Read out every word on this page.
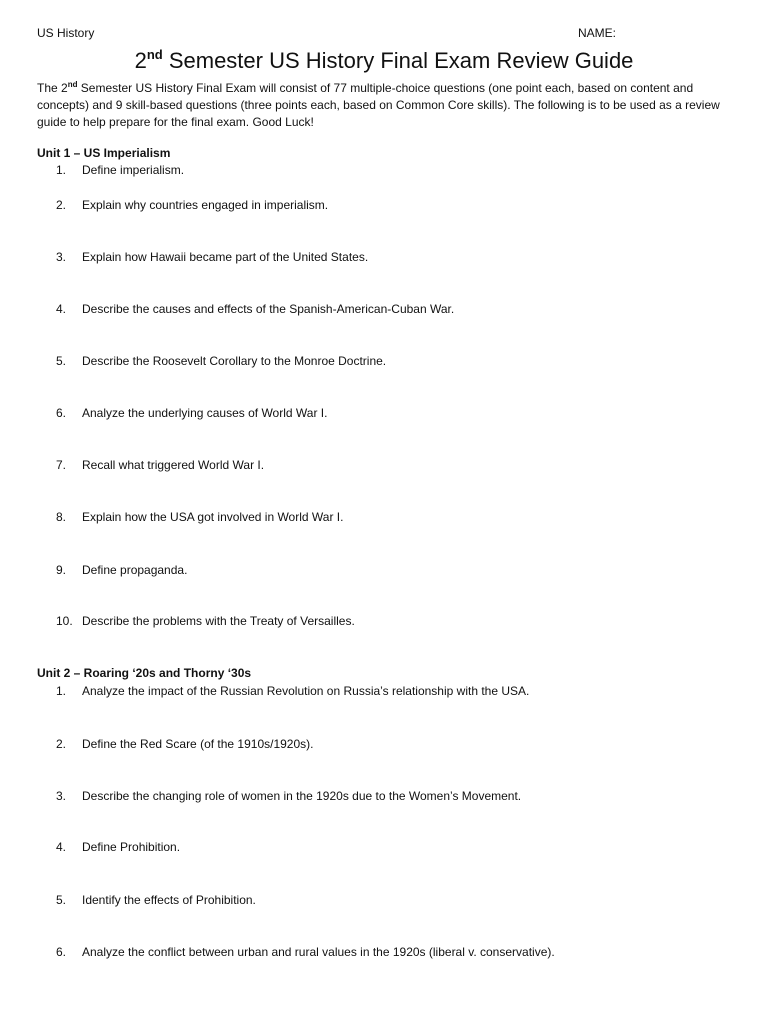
US History	NAME:
2nd Semester US History Final Exam Review Guide
The 2nd Semester US History Final Exam will consist of 77 multiple-choice questions (one point each, based on content and concepts) and 9 skill-based questions (three points each, based on Common Core skills). The following is to be used as a review guide to help prepare for the final exam. Good Luck!
Unit 1 – US Imperialism
1. Define imperialism.
2. Explain why countries engaged in imperialism.
3. Explain how Hawaii became part of the United States.
4. Describe the causes and effects of the Spanish-American-Cuban War.
5. Describe the Roosevelt Corollary to the Monroe Doctrine.
6. Analyze the underlying causes of World War I.
7. Recall what triggered World War I.
8. Explain how the USA got involved in World War I.
9. Define propaganda.
10. Describe the problems with the Treaty of Versailles.
Unit 2 – Roaring ‘20s and Thorny ‘30s
1. Analyze the impact of the Russian Revolution on Russia’s relationship with the USA.
2. Define the Red Scare (of the 1910s/1920s).
3. Describe the changing role of women in the 1920s due to the Women’s Movement.
4. Define Prohibition.
5. Identify the effects of Prohibition.
6. Analyze the conflict between urban and rural values in the 1920s (liberal v. conservative).
